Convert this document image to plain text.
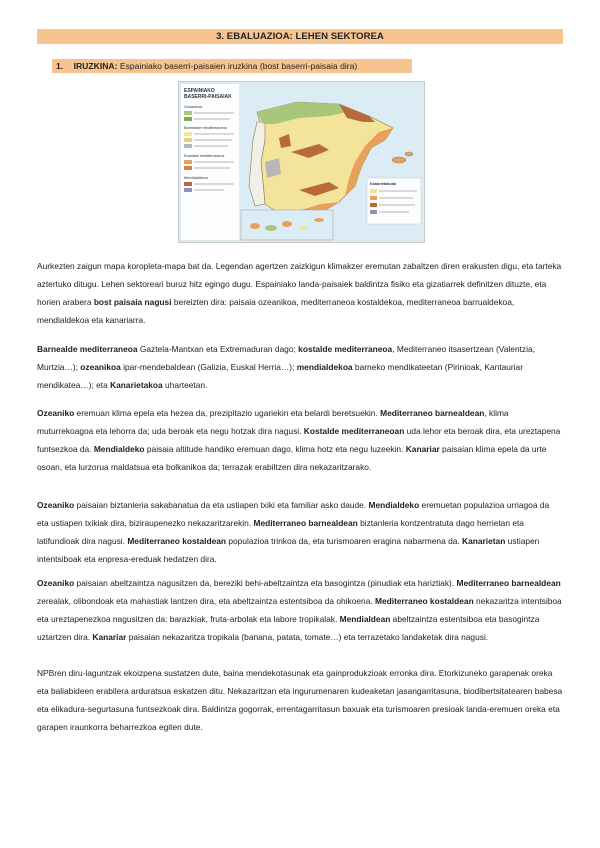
3. EBALUAZIOA: LEHEN SEKTOREA
1. IRUZKINA: Espainiako baserri-paisaien iruzkina (bost baserri-paisaia dira)
ESPAINIAKO
BASERRI-PAISAIAK
Ozeanikoa
Barnealde mediterraneoa
Kostalde mediterraneoa
Mendialdekoa
Kanarietakoak
Aurkezten zaigun mapa koropleta-mapa bat da. Legendan agertzen zaizkigun klimakzer eremutan zabaltzen diren erakusten digu, eta tarteka aztertuko ditugu. Lehen sektoreari buruz hitz egingo dugu. Espainiako landa-paisaiek baldintza fisiko eta gizatiarrek definitzen dituzte, eta horien arabera bost paisaia nagusi bereizten dira: paisaia ozeanikoa, mediterraneoa kostaldekoa, mediterraneoa barrualdekoa, mendialdekoa eta kanariarra.
Barnealde mediterraneoa Gaztela-Mantxan eta Extremaduran dago; kostalde mediterraneoa, Mediterraneo itsasertzean (Valentzia, Murtzia…); ozeanikoa ipar-mendebaldean (Galizia, Euskal Herria…); mendialdekoa barneko mendikateetan (Pirinioak, Kantauriar mendikatea…); eta Kanarietakoa uharteetan.
Ozeaniko eremuan klima epela eta hezea da, prezipitazio ugariekin eta belardi beretsuekin. Mediterraneo barnealdean, klima muturrekoagoa eta lehorra da; uda beroak eta negu hotzak dira nagusi. Kostalde mediterraneoan uda lehor eta beroak dira, eta ureztapena funtsezkoa da. Mendialdeko paisaia altitude handiko eremuan dago, klima hotz eta negu luzeekin. Kanariar paisaian klima epela da urte osoan, eta lurzorua maldatsua eta bolkanikoa da; terrazak erabiltzen dira nekazaritzarako.
Ozeaniko paisaian biztanleria sakabanatua da eta ustiapen txiki eta familiar asko daude. Mendialdeko eremuetan populazioa urriagoa da eta ustiapen txikiak dira, biziraupenezko nekazaritzarekin. Mediterraneo barnealdean biztanleria kontzentratuta dago herrietan eta latifundioak dira nagusi. Mediterraneo kostaldean populazioa trinkoa da, eta turismoaren eragina nabarmena da. Kanarietan ustiapen intentsiboak eta enpresa-ereduak hedatzen dira.
Ozeaniko paisaian abeltzaintza nagusitzen da, bereziki behi-abeltzaintza eta basogintza (pinudiak eta hariztiak). Mediterraneo barnealdean zerealak, olibondoak eta mahastiak lantzen dira, eta abeltzaintza estentsiboa da ohikoena. Mediterraneo kostaldean nekazaritza intentsiboa eta ureztapenezkoa nagusitzen da: barazkiak, fruta-arbolak eta labore tropikalak. Mendialdean abeltzaintza estentsiboa eta basogintza uztartzen dira. Kanariar paisaian nekazaritza tropikala (banana, patata, tomate…) eta terrazetako landaketak dira nagusi.
NPBren diru-laguntzak ekoizpena sustatzen dute, baina mendekotasunak eta gainprodukzioak erronka dira. Etorkizuneko garapenak oreka eta baliabideen erabilera arduratsua eskatzen ditu. Nekazaritzan eta ingurumenaren kudeaketan jasangarritasuna, biodibertsitatearen babesa eta elikadura-segurtasuna funtsezkoak dira. Baldintza gogorrak, errentagarritasun baxuak eta turismoaren presioak landa-eremuen oreka eta garapen iraunkorra beharrezkoa egiten dute.
